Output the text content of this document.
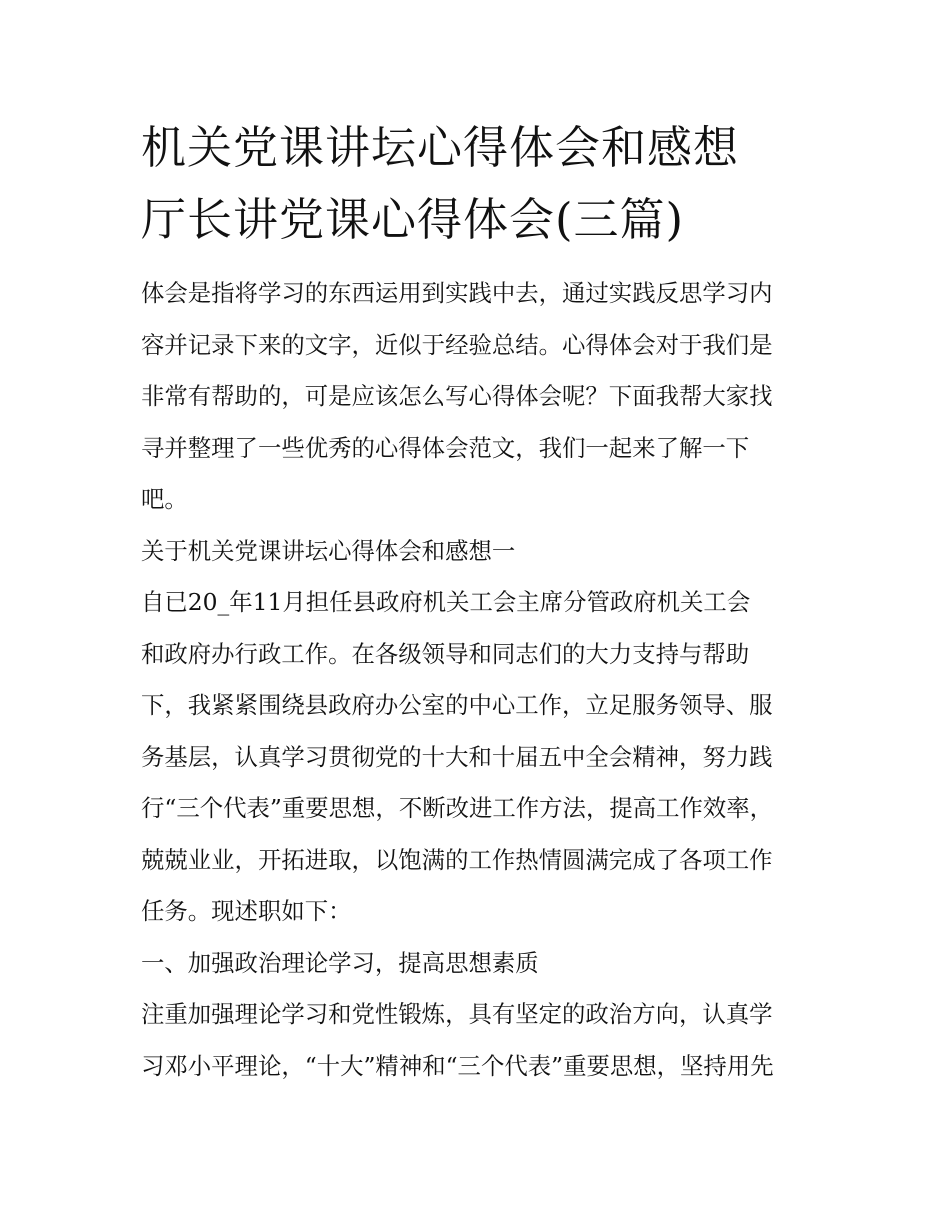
机关党课讲坛心得体会和感想
厅长讲党课心得体会(三篇)

体会是指将学习的东西运用到实践中去，通过实践反思学习内
容并记录下来的文字，近似于经验总结。心得体会对于我们是
非常有帮助的，可是应该怎么写心得体会呢？下面我帮大家找
寻并整理了一些优秀的心得体会范文，我们一起来了解一下
吧。

关于机关党课讲坛心得体会和感想一

自已20_年11月担任县政府机关工会主席分管政府机关工会
和政府办行政工作。在各级领导和同志们的大力支持与帮助
下，我紧紧围绕县政府办公室的中心工作，立足服务领导、服
务基层，认真学习贯彻党的十大和十届五中全会精神，努力践
行“三个代表”重要思想，不断改进工作方法，提高工作效率，
兢兢业业，开拓进取，以饱满的工作热情圆满完成了各项工作
任务。现述职如下：

一、加强政治理论学习，提高思想素质

注重加强理论学习和党性锻炼，具有坚定的政治方向，认真学
习邓小平理论，“十大”精神和“三个代表”重要思想，坚持用先
